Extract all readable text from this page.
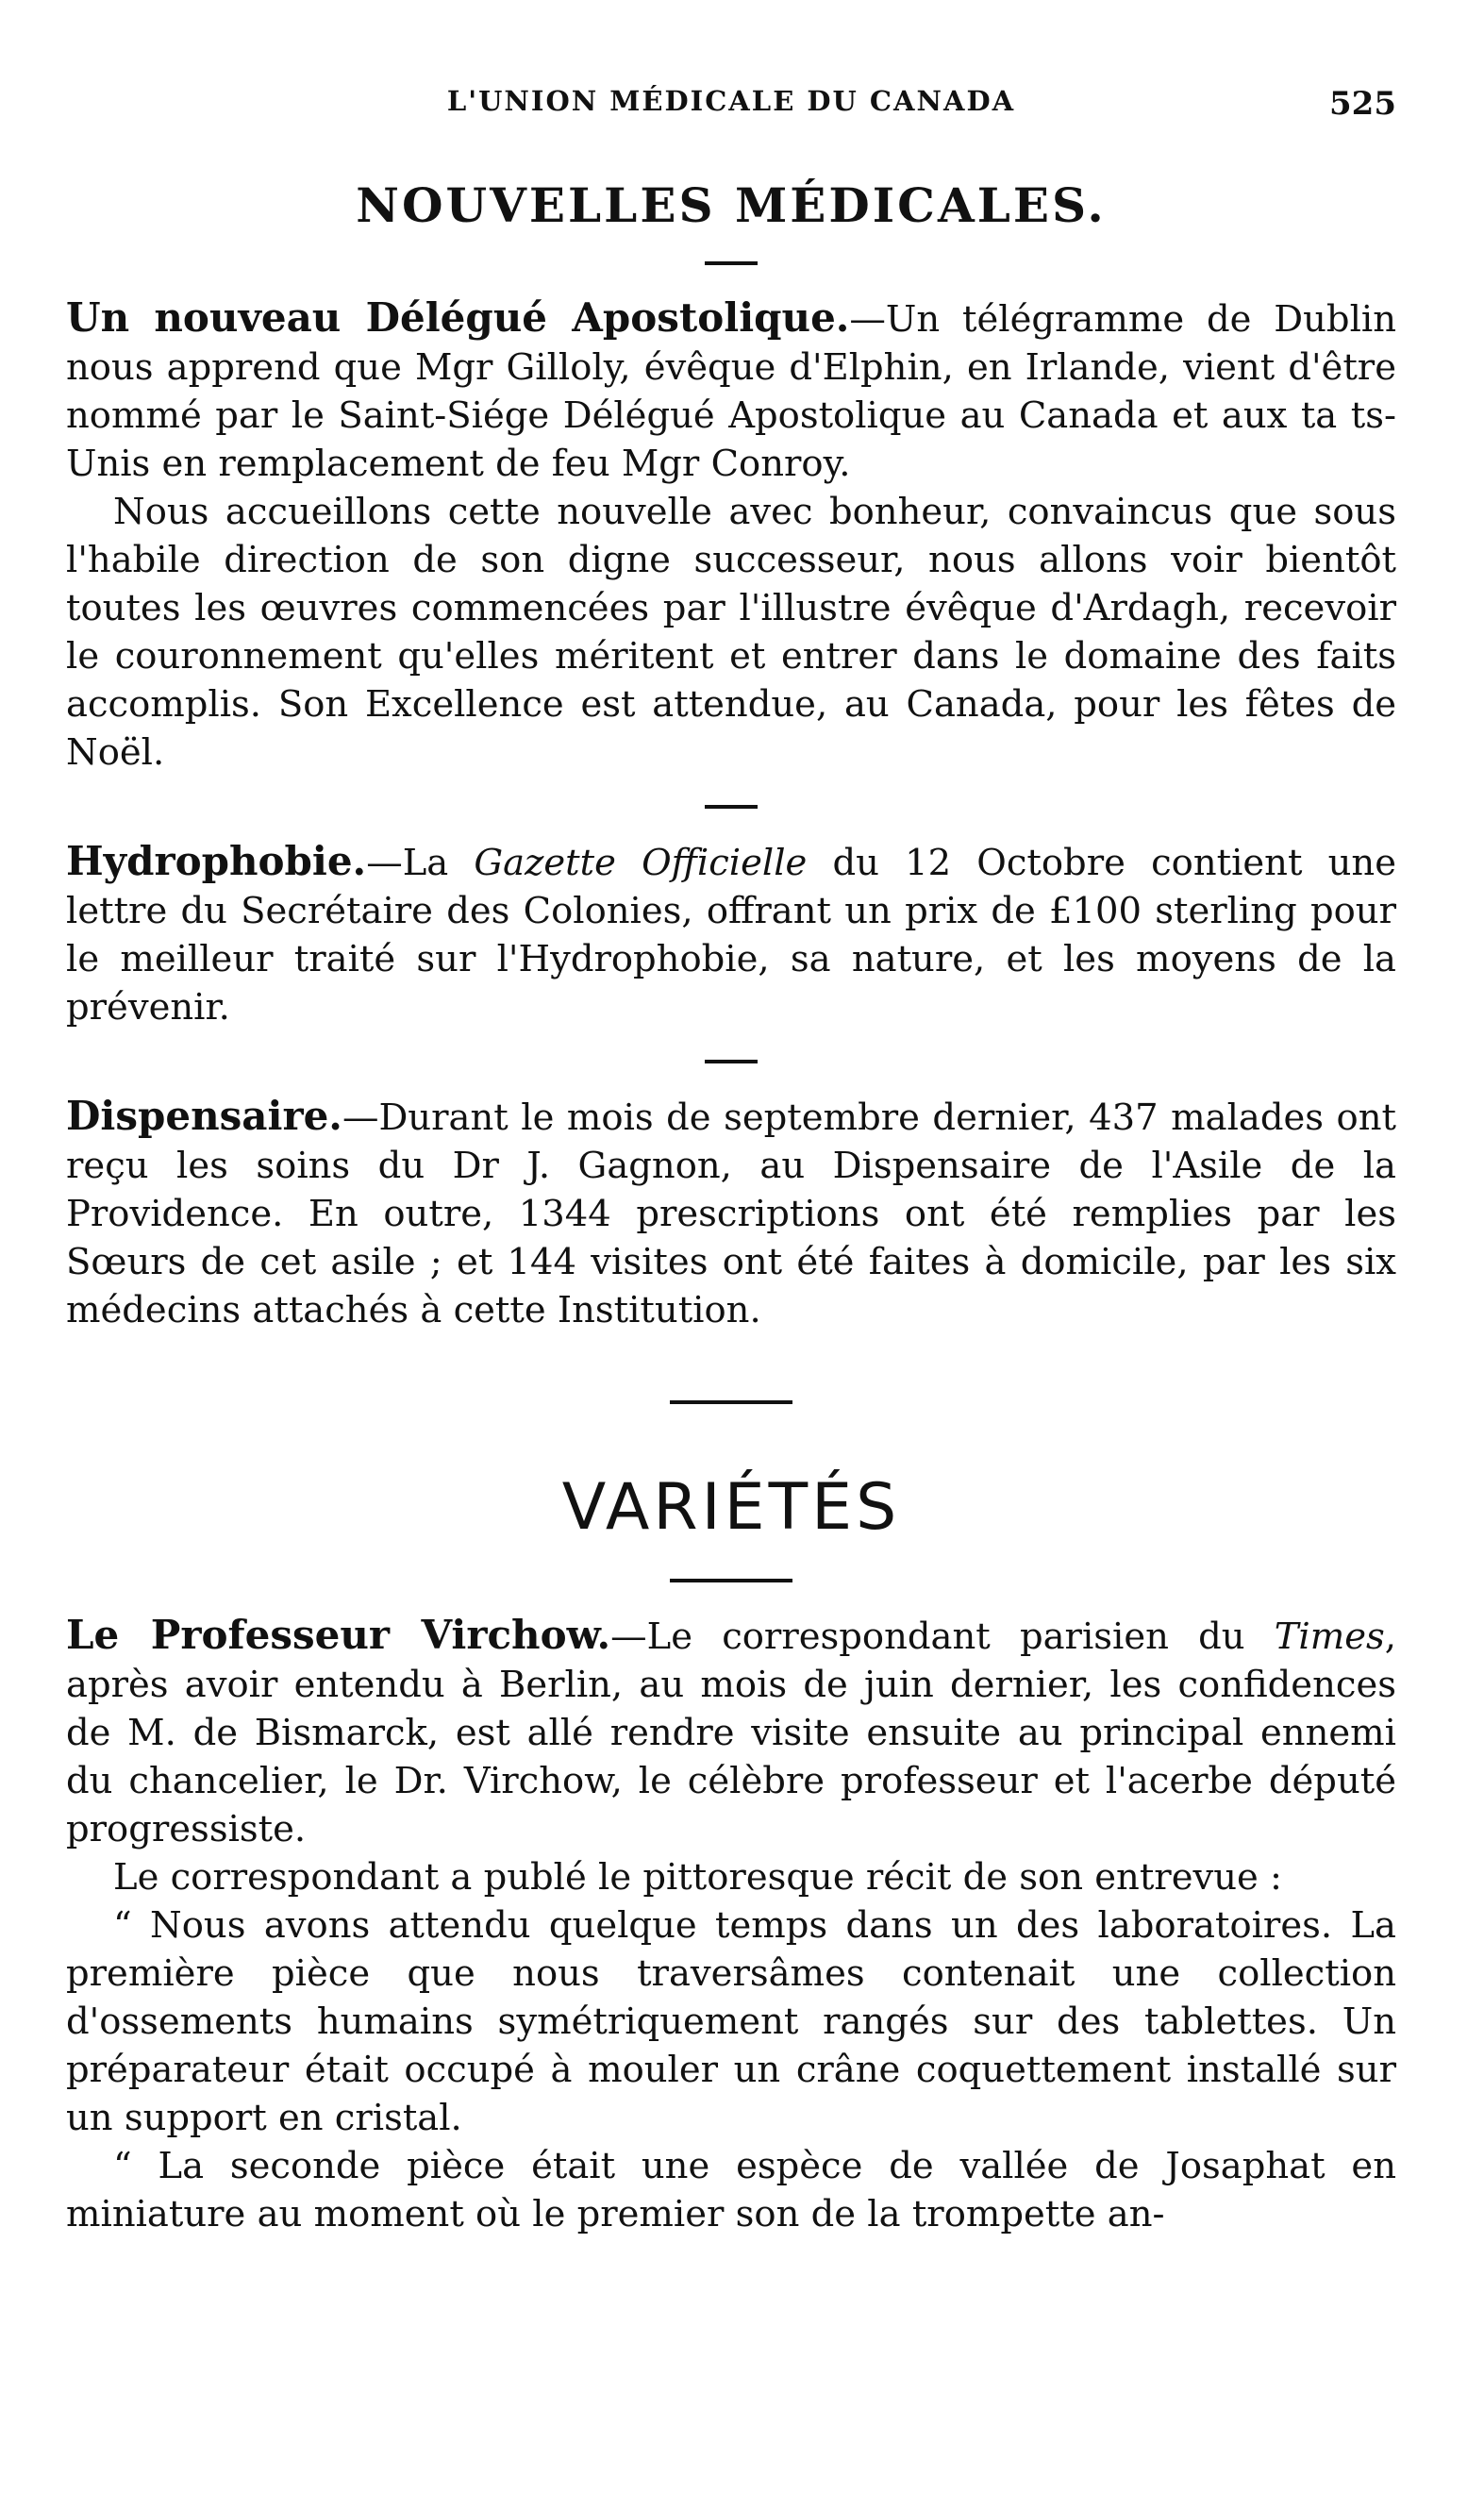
L'UNION MÉDICALE DU CANADA	525
NOUVELLES MÉDICALES.

Un nouveau Délégué Apostolique.—Un télégramme de Dublin nous apprend que Mgr Gilloly, évêque d'Elphin, en Irlande, vient d'être nommé par le Saint-Siége Délégué Apostolique au Canada et aux ta ts-Unis en remplacement de feu Mgr Conroy.

Nous accueillons cette nouvelle avec bonheur, convaincus que sous l'habile direction de son digne successeur, nous allons voir bientôt toutes les œuvres commencées par l'illustre évêque d'Ardagh, recevoir le couronnement qu'elles méritent et entrer dans le domaine des faits accomplis. Son Excellence est attendue, au Canada, pour les fêtes de Noël.

Hydrophobie.—La Gazette Officielle du 12 Octobre contient une lettre du Secrétaire des Colonies, offrant un prix de £100 sterling pour le meilleur traité sur l'Hydrophobie, sa nature, et les moyens de la prévenir.

Dispensaire.—Durant le mois de septembre dernier, 437 malades ont reçu les soins du Dr J. Gagnon, au Dispensaire de l'Asile de la Providence. En outre, 1344 prescriptions ont été remplies par les Sœurs de cet asile ; et 144 visites ont été faites à domicile, par les six médecins attachés à cette Institution.

VARIÉTÉS

Le Professeur Virchow.—Le correspondant parisien du Times, après avoir entendu à Berlin, au mois de juin dernier, les confidences de M. de Bismarck, est allé rendre visite ensuite au principal ennemi du chancelier, le Dr. Virchow, le célèbre professeur et l'acerbe député progressiste.

Le correspondant a publé le pittoresque récit de son entrevue :

“ Nous avons attendu quelque temps dans un des laboratoires. La première pièce que nous traversâmes contenait une collection d'ossements humains symétriquement rangés sur des tablettes. Un préparateur était occupé à mouler un crâne coquettement installé sur un support en cristal.

“ La seconde pièce était une espèce de vallée de Josaphat en miniature au moment où le premier son de la trompette an-
